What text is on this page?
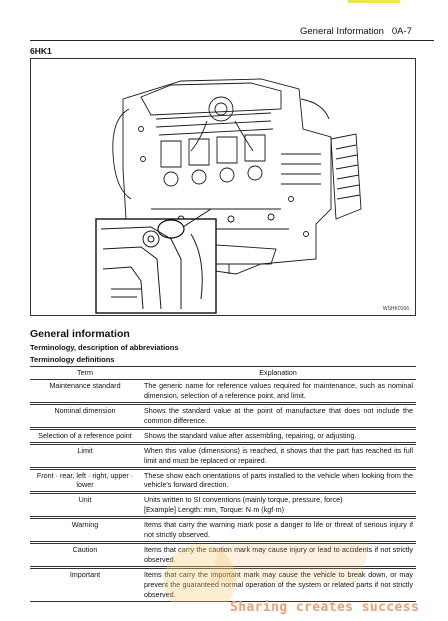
General Information   0A-7
6HK1
WSHK0166
General information
Terminology, description of abbreviations
Terminology definitions
Term	Explanation
Maintenance standard	The generic name for reference values required for maintenance, such as nominal dimension, selection of a reference point, and limit.

Nominal dimension	Shows the standard value at the point of manufacture that does not include the common difference.

Selection of a reference point	Shows the standard value after assembling, repairing, or adjusting.

Limit	When this value (dimensions) is reached, it shows that the part has reached its full limit and must be replaced or repaired.

Front · rear, left · right, upper · lower	These show each orientations of parts installed to the vehicle when looking from the vehicle's forward direction.

Unit	Units written to SI conventions (mainly torque, pressure, force)
[Example] Length: mm, Torque: N·m (kgf·m)

Warning	Items that carry the warning mark pose a danger to life or threat of serious injury if not strictly observed.

Caution	Items that carry the caution mark may cause injury or lead to accidents if not strictly observed.

Important	Items that carry the important mark may cause the vehicle to break down, or may prevent the guaranteed normal operation of the system or related parts if not strictly observed.
Sharing creates success
